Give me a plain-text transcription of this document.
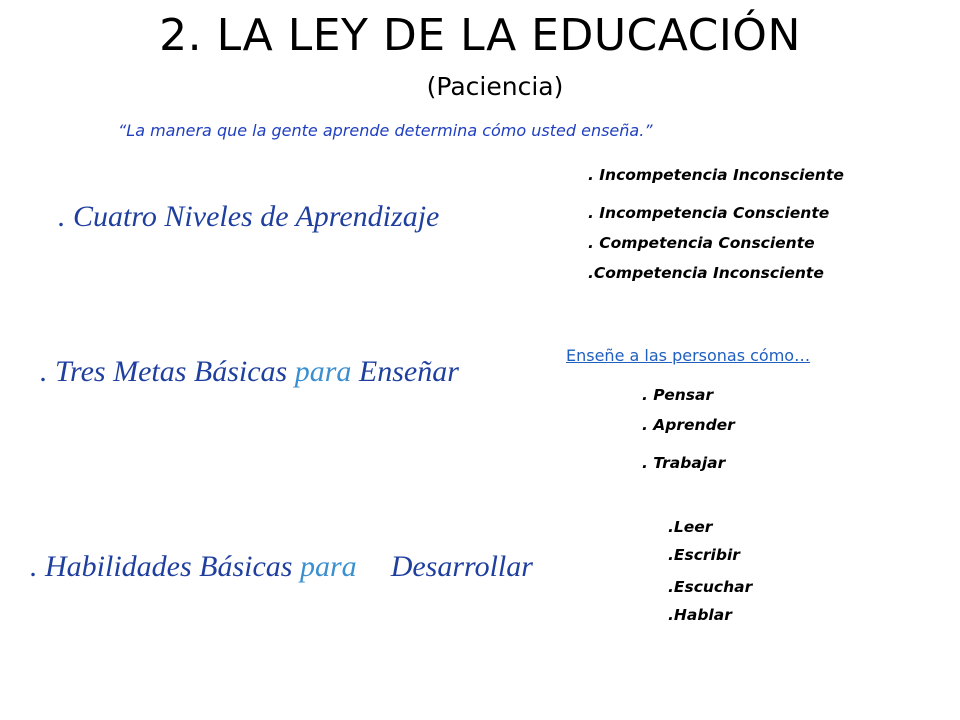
2. LA LEY DE LA EDUCACIÓN
(Paciencia)
“La manera que la gente aprende determina cómo usted enseña.”
. Cuatro Niveles de Aprendizaje
. Incompetencia Inconsciente
. Incompetencia Consciente
. Competencia Consciente
.Competencia Inconsciente
. Tres Metas Básicas para Enseñar	Enseñe a las personas cómo…
. Pensar
. Aprender
. Trabajar
. Habilidades Básicas para Desarrollar
.Leer
.Escribir
.Escuchar
.Hablar
